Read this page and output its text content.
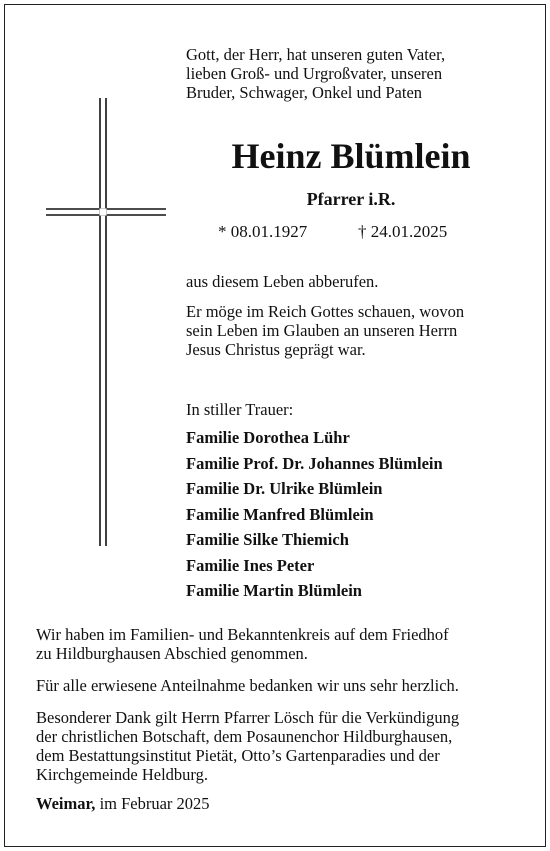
Gott, der Herr, hat unseren guten Vater,
lieben Groß- und Urgroßvater, unseren
Bruder, Schwager, Onkel und Paten

Heinz Blümlein
Pfarrer i.R.
* 08.01.1927	† 24.01.2025

aus diesem Leben abberufen.

Er möge im Reich Gottes schauen, wovon
sein Leben im Glauben an unseren Herrn
Jesus Christus geprägt war.

In stiller Trauer:

Familie Dorothea Lühr
Familie Prof. Dr. Johannes Blümlein
Familie Dr. Ulrike Blümlein
Familie Manfred Blümlein
Familie Silke Thiemich
Familie Ines Peter
Familie Martin Blümlein

Wir haben im Familien- und Bekanntenkreis auf dem Friedhof
zu Hildburghausen Abschied genommen.

Für alle erwiesene Anteilnahme bedanken wir uns sehr herzlich.

Besonderer Dank gilt Herrn Pfarrer Lösch für die Verkündigung
der christlichen Botschaft, dem Posaunenchor Hildburghausen,
dem Bestattungsinstitut Pietät, Otto’s Gartenparadies und der
Kirchgemeinde Heldburg.

Weimar, im Februar 2025
